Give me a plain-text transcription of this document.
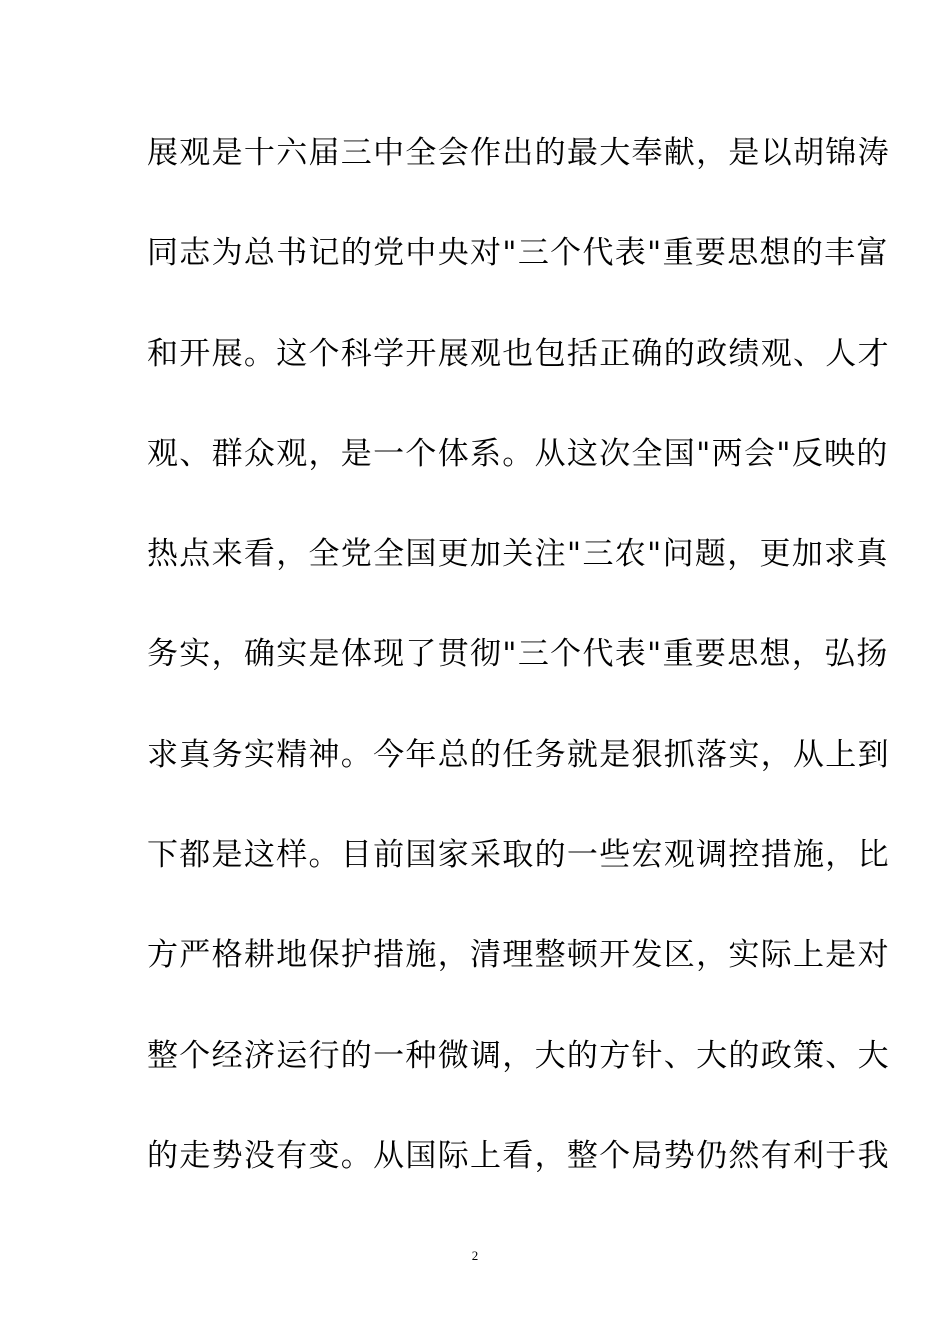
展观是十六届三中全会作出的最大奉献，是以胡锦涛
同志为总书记的党中央对"三个代表"重要思想的丰富
和开展。这个科学开展观也包括正确的政绩观、人才
观、群众观，是一个体系。从这次全国"两会"反映的
热点来看，全党全国更加关注"三农"问题，更加求真
务实，确实是体现了贯彻"三个代表"重要思想，弘扬
求真务实精神。今年总的任务就是狠抓落实，从上到
下都是这样。目前国家采取的一些宏观调控措施，比
方严格耕地保护措施，清理整顿开发区，实际上是对
整个经济运行的一种微调，大的方针、大的政策、大
的走势没有变。从国际上看，整个局势仍然有利于我
2
